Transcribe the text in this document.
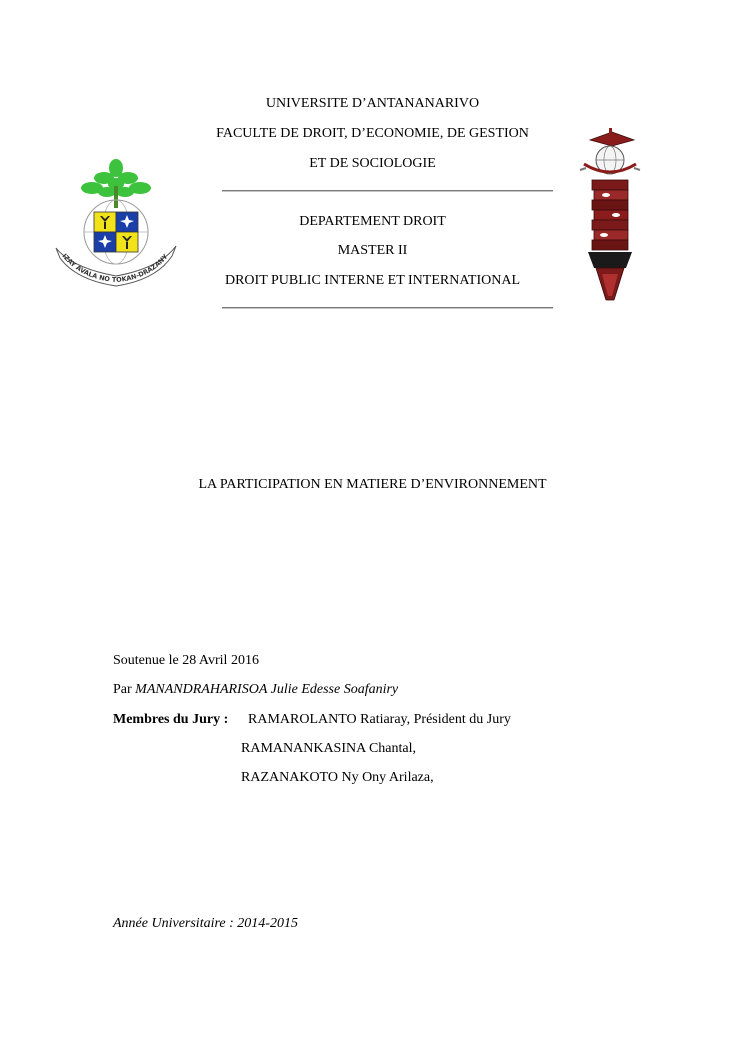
UNIVERSITE D’ANTANANARIVO
FACULTE DE DROIT, D’ECONOMIE, DE GESTION
ET DE SOCIOLOGIE
DEPARTEMENT DROIT
MASTER II
DROIT PUBLIC INTERNE ET INTERNATIONAL
IZAY AVALA NO TOKAN-DRAZANY
LA PARTICIPATION EN MATIERE D’ENVIRONNEMENT
Soutenue le 28 Avril 2016
Par MANANDRAHARISOA Julie Edesse Soafaniry
Membres du Jury : RAMAROLANTO Ratiaray, Président du Jury
RAMANANKASINA Chantal,
RAZANAKOTO Ny Ony Arilaza,
Année Universitaire : 2014-2015
